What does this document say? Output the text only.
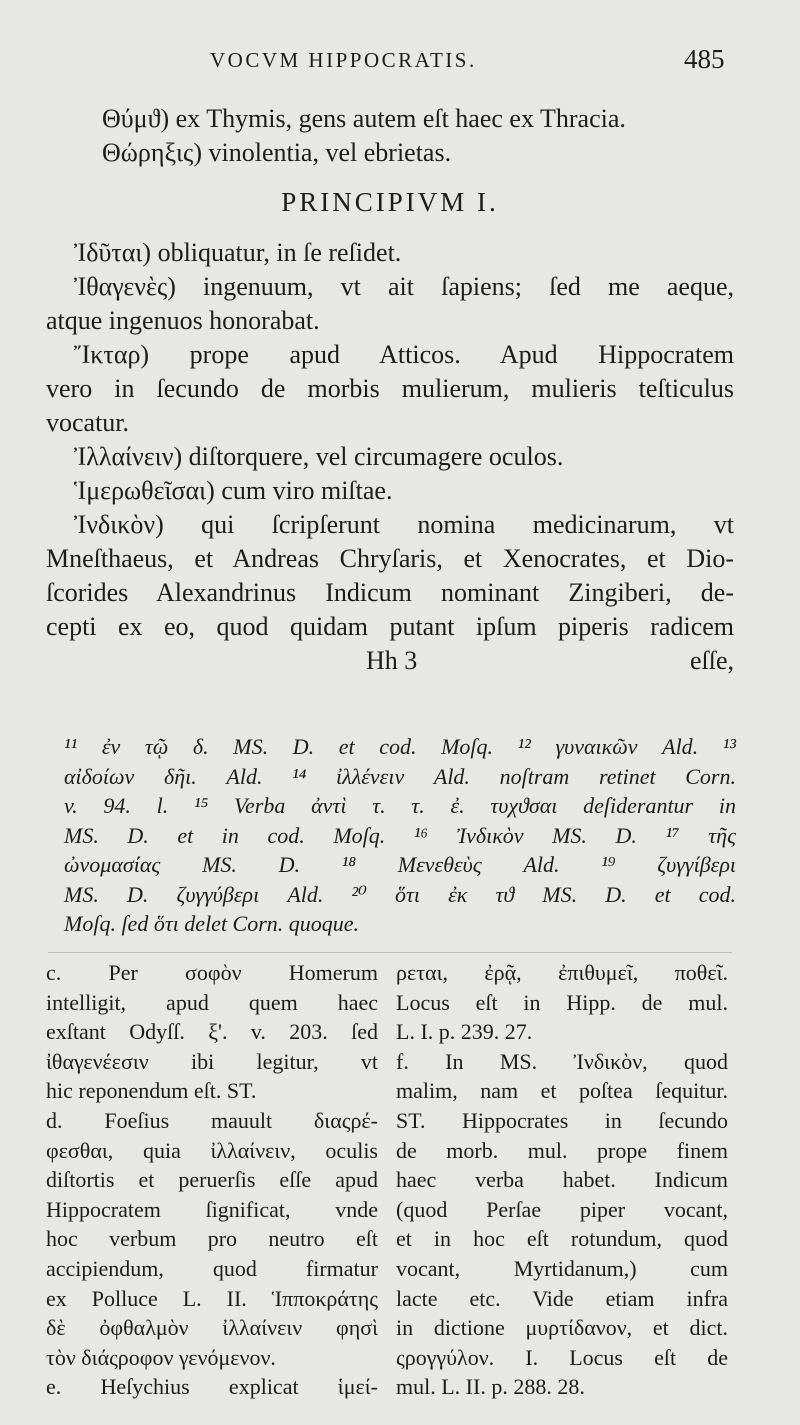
VOCVM HIPPOCRATIS.	485
Θύμϑ) ex Thymis, gens autem eſt haec ex Thracia.
Θώρηξις) vinolentia, vel ebrietas.
PRINCIPIVM I.
Ἰδῦται) obliquatur, in ſe reſidet.
Ἰθαγενὲς) ingenuum, vt ait ſapiens; ſed me aeque,
atque ingenuos honorabat.
Ἴκταρ) prope apud Atticos. Apud Hippocratem
vero in ſecundo de morbis mulierum, mulieris teſticulus
vocatur.
Ἰλλαίνειν) diſtorquere, vel circumagere oculos.
Ἱμερωθεῖσαι) cum viro miſtae.
Ἰνδικὸν) qui ſcripſerunt nomina medicinarum, vt
Mneſthaeus, et Andreas Chryſaris, et Xenocrates, et Dio-
ſcorides Alexandrinus Indicum nominant Zingiberi, de-
cepti ex eo, quod quidam putant ipſum piperis radicem
Hh 3	eſſe,
¹¹ ἐν τῷ δ. MS. D. et cod. Moſq. ¹² γυναικῶν Ald. ¹³
αἰδοίων δῆι. Ald. ¹⁴ ἰλλένειν Ald. noſtram retinet Corn.
v. 94. l. ¹⁵ Verba ἀντὶ τ. τ. ἐ. τυχϑσαι deſiderantur in
MS. D. et in cod. Moſq. ¹⁶ Ἰνδικὸν MS. D. ¹⁷ τῆς
ὠνομασίας MS. D. ¹⁸ Μενεθεὺς Ald. ¹⁹ ζυγγίβερι
MS. D. ζυγγύβερι Ald. ²⁰ ὅτι ἐκ τϑ MS. D. et cod.
Moſq. ſed ὅτι delet Corn. quoque.
c. Per σοφὸν Homerum
intelligit, apud quem haec
exſtant Odyſſ. ξ'. v. 203. ſed
ἰθαγενέεσιν ibi legitur, vt
hic reponendum eſt. ST.
d. Foeſius mauult διαςρέ-
φεσθαι, quia ἰλλαίνειν, oculis
diſtortis et peruerſis eſſe apud
Hippocratem ſignificat, vnde
hoc verbum pro neutro eſt
accipiendum, quod firmatur
ex Polluce L. II. Ἱπποκράτης
δὲ ὀφθαλμὸν ἰλλαίνειν φησὶ
τὸν διάςροφον γενόμενον.
e. Heſychius explicat ἱμεί-
ρεται, ἐρᾷ, ἐπιθυμεῖ, ποθεῖ.
Locus eſt in Hipp. de mul.
L. I. p. 239. 27.
f. In MS. Ἰνδικὸν, quod
malim, nam et poſtea ſequitur.
ST. Hippocrates in ſecundo
de morb. mul. prope finem
haec verba habet. Indicum
(quod Perſae piper vocant,
et in hoc eſt rotundum, quod
vocant, Myrtidanum,) cum
lacte etc. Vide etiam infra
in dictione μυρτίδανον, et dict.
ςρογγύλον. I. Locus eſt de
mul. L. II. p. 288. 28.
